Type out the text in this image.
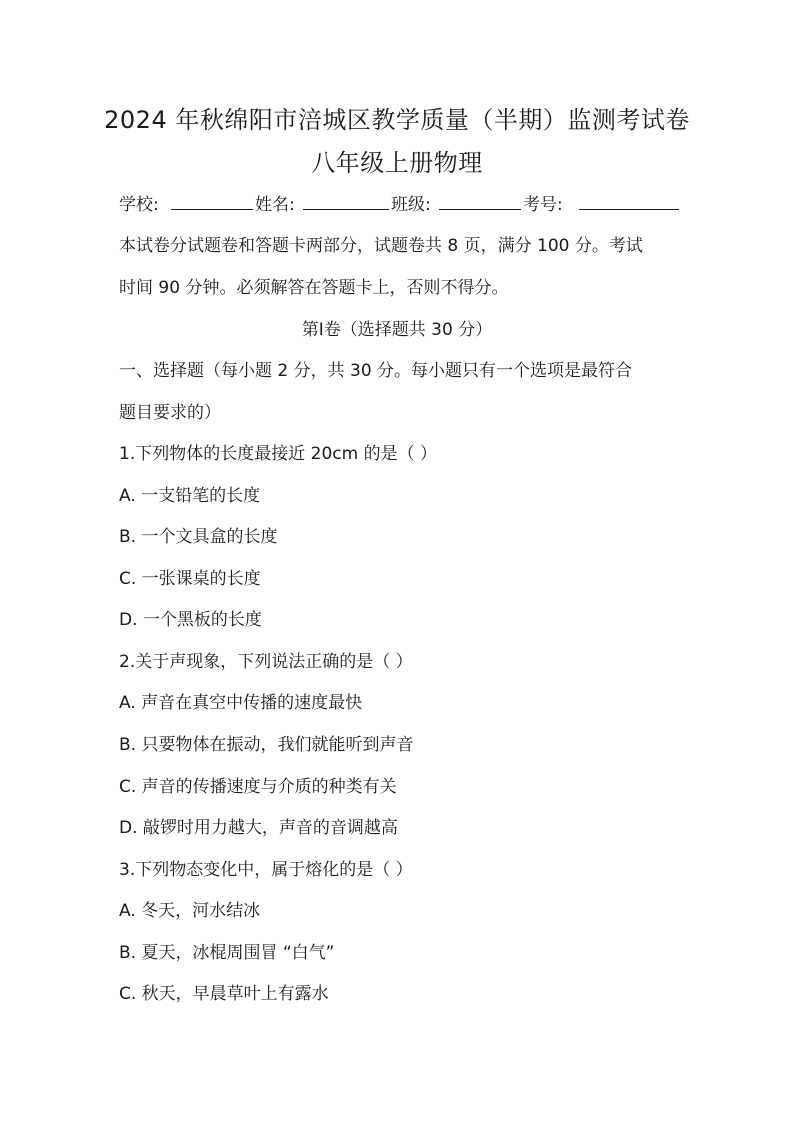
2024 年秋绵阳市涪城区教学质量（半期）监测考试卷
八年级上册物理
学校:	姓名:	班级:	考号:
本试卷分试题卷和答题卡两部分，试题卷共 8 页，满分 100 分。考试
时间 90 分钟。必须解答在答题卡上，否则不得分。
第Ⅰ卷（选择题共 30 分）
一、选择题（每小题 2 分，共 30 分。每小题只有一个选项是最符合
题目要求的）
1.下列物体的长度最接近 20cm 的是（ ）
A. 一支铅笔的长度
B. 一个文具盒的长度
C. 一张课桌的长度
D. 一个黑板的长度
2.关于声现象，下列说法正确的是（ ）
A. 声音在真空中传播的速度最快
B. 只要物体在振动，我们就能听到声音
C. 声音的传播速度与介质的种类有关
D. 敲锣时用力越大，声音的音调越高
3.下列物态变化中，属于熔化的是（ ）
A. 冬天，河水结冰
B. 夏天，冰棍周围冒 “白气”
C. 秋天，早晨草叶上有露水
